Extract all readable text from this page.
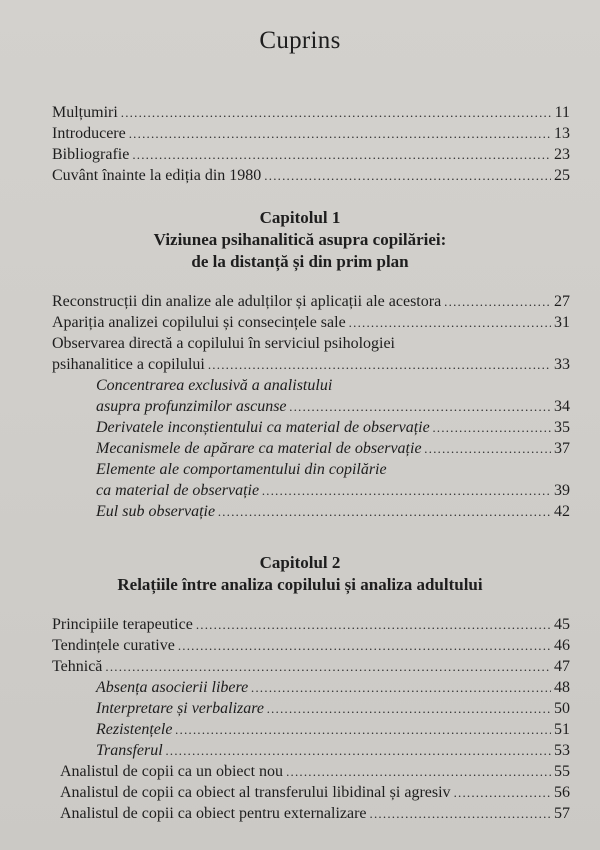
Cuprins
Mulțumiri .....	11
Introducere .....	13
Bibliografie .....	23
Cuvânt înainte la ediția din 1980 .....	25
Capitolul 1
Viziunea psihanalitică asupra copilăriei:
de la distanță și din prim plan
Reconstrucții din analize ale adulților și aplicații ale acestora .....	27
Apariția analizei copilului și consecințele sale .....	31
Observarea directă a copilului în serviciul psihologiei
psihanalitice a copilului .....	33
Concentrarea exclusivă a analistului
asupra profunzimilor ascunse .....	34
Derivatele inconștientului ca material de observație .....	35
Mecanismele de apărare ca material de observație .....	37
Elemente ale comportamentului din copilărie
ca material de observație .....	39
Eul sub observație .....	42
Capitolul 2
Relațiile între analiza copilului și analiza adultului
Principiile terapeutice .....	45
Tendințele curative .....	46
Tehnică .....	47
Absența asocierii libere .....	48
Interpretare și verbalizare .....	50
Rezistențele .....	51
Transferul .....	53
Analistul de copii ca un obiect nou .....	55
Analistul de copii ca obiect al transferului libidinal și agresiv .....	56
Analistul de copii ca obiect pentru externalizare .....	57
